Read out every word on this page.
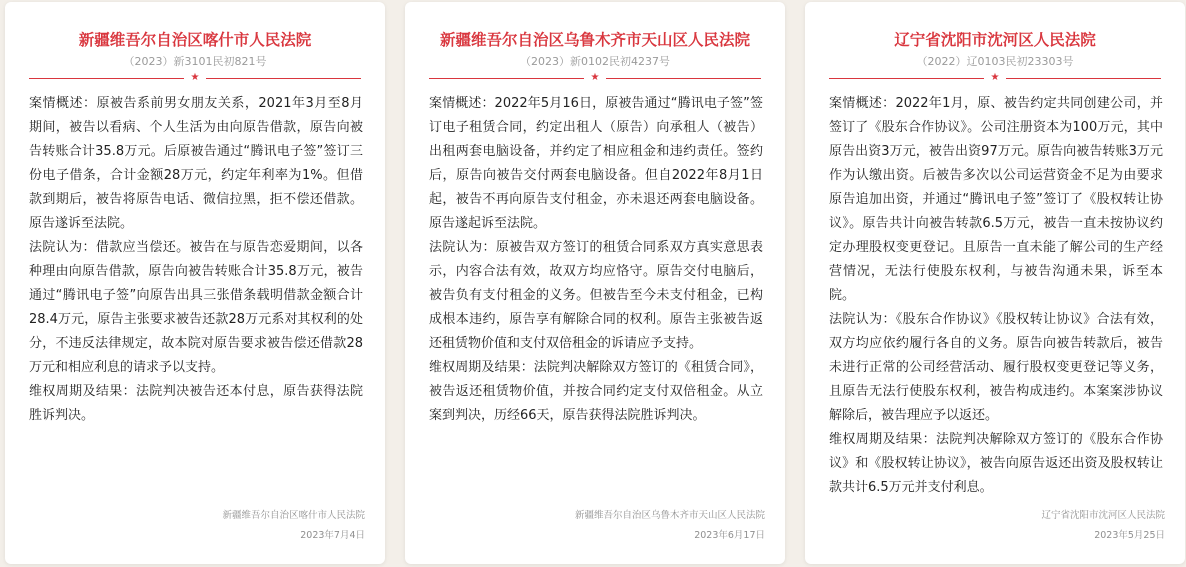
新疆维吾尔自治区喀什市人民法院
（2023）新3101民初821号
★

案情概述：原被告系前男女朋友关系，2021年3月至8月期间，被告以看病、个人生活为由向原告借款，原告向被告转账合计35.8万元。后原被告通过“腾讯电子签”签订三份电子借条，合计金额28万元，约定年利率为1%。但借款到期后，被告将原告电话、微信拉黑，拒不偿还借款。原告遂诉至法院。

法院认为：借款应当偿还。被告在与原告恋爱期间，以各种理由向原告借款，原告向被告转账合计35.8万元，被告通过“腾讯电子签”向原告出具三张借条载明借款金额合计28.4万元，原告主张要求被告还款28万元系对其权利的处分，不违反法律规定，故本院对原告要求被告偿还借款28万元和相应利息的请求予以支持。

维权周期及结果：法院判决被告还本付息，原告获得法院胜诉判决。

新疆维吾尔自治区喀什市人民法院
2023年7月4日
新疆维吾尔自治区乌鲁木齐市天山区人民法院
（2023）新0102民初4237号
★

案情概述：2022年5月16日，原被告通过“腾讯电子签”签订电子租赁合同，约定出租人（原告）向承租人（被告）出租两套电脑设备，并约定了相应租金和违约责任。签约后，原告向被告交付两套电脑设备。但自2022年8月1日起，被告不再向原告支付租金，亦未退还两套电脑设备。原告遂起诉至法院。

法院认为：原被告双方签订的租赁合同系双方真实意思表示，内容合法有效，故双方均应恪守。原告交付电脑后，被告负有支付租金的义务。但被告至今未支付租金，已构成根本违约，原告享有解除合同的权利。原告主张被告返还租赁物价值和支付双倍租金的诉请应予支持。

维权周期及结果：法院判决解除双方签订的《租赁合同》，被告返还租赁物价值，并按合同约定支付双倍租金。从立案到判决，历经66天，原告获得法院胜诉判决。

新疆维吾尔自治区乌鲁木齐市天山区人民法院
2023年6月17日
辽宁省沈阳市沈河区人民法院
（2022）辽0103民初23303号
★

案情概述：2022年1月，原、被告约定共同创建公司，并签订了《股东合作协议》。公司注册资本为100万元，其中原告出资3万元，被告出资97万元。原告向被告转账3万元作为认缴出资。后被告多次以公司运营资金不足为由要求原告追加出资，并通过“腾讯电子签”签订了《股权转让协议》。原告共计向被告转款6.5万元，被告一直未按协议约定办理股权变更登记。且原告一直未能了解公司的生产经营情况，无法行使股东权利，与被告沟通未果，诉至本院。

法院认为：《股东合作协议》《股权转让协议》合法有效，双方均应依约履行各自的义务。原告向被告转款后，被告未进行正常的公司经营活动、履行股权变更登记等义务，且原告无法行使股东权利，被告构成违约。本案案涉协议解除后，被告理应予以返还。

维权周期及结果：法院判决解除双方签订的《股东合作协议》和《股权转让协议》，被告向原告返还出资及股权转让款共计6.5万元并支付利息。

辽宁省沈阳市沈河区人民法院
2023年5月25日
